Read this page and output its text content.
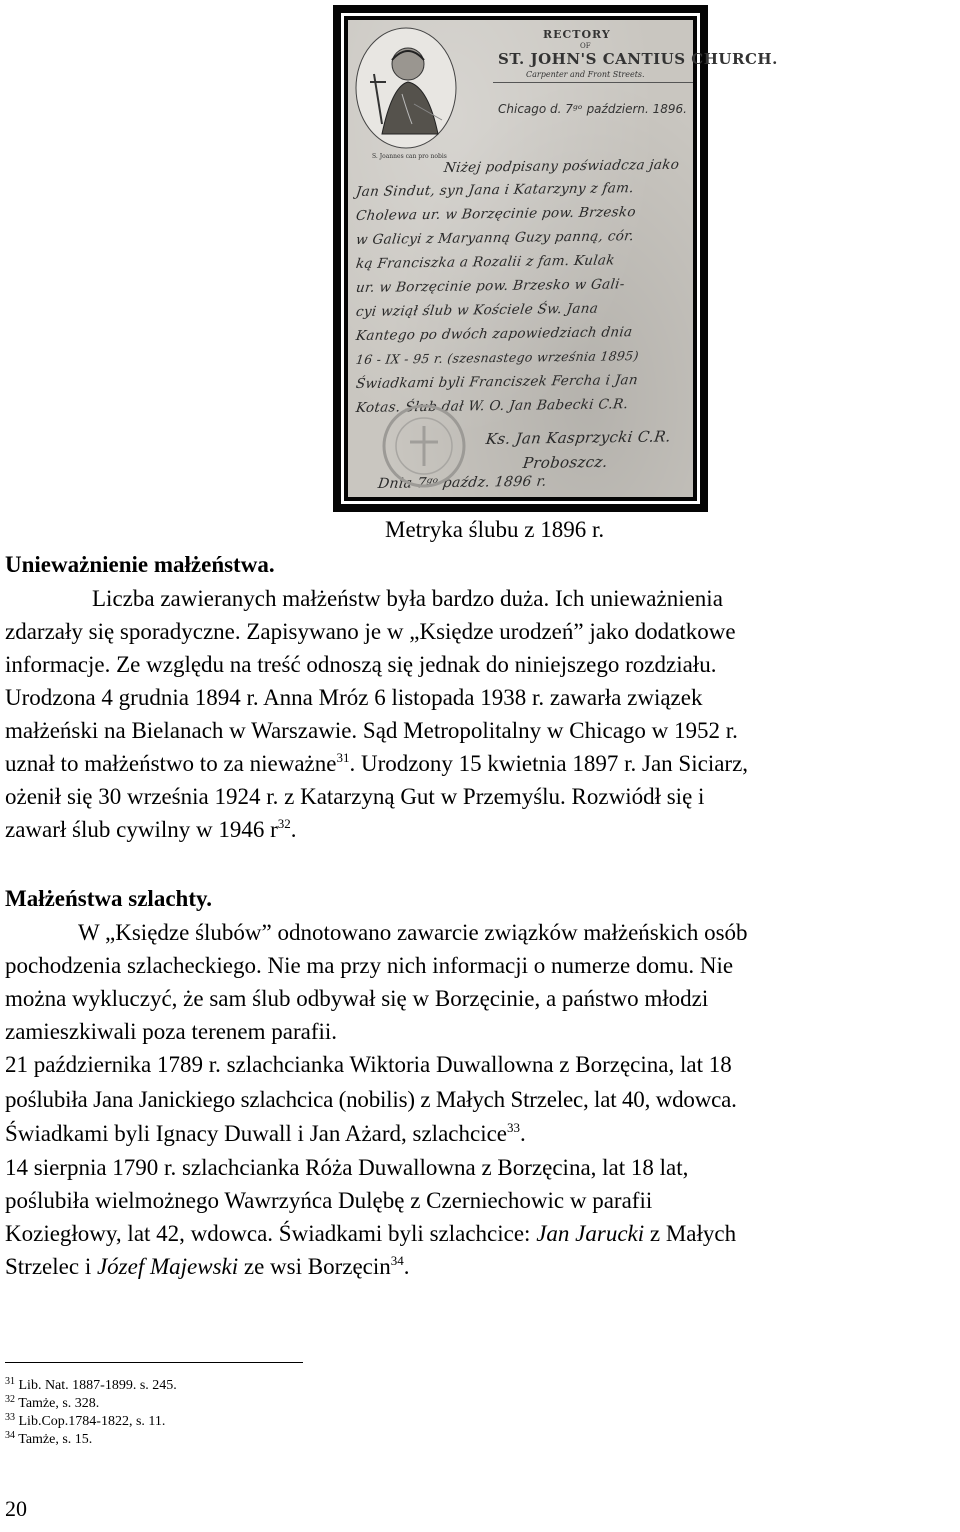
S. Joannes can pro nobis
RECTORY
OF
ST. JOHN'S CANTIUS CHURCH.
Carpenter and Front Streets.
Chicago d. 7ᵍᵒ październ. 1896.
Niżej podpisany poświadcza jako
Jan Sindut, syn Jana i Katarzyny z fam.
Cholewa ur. w Borzęcinie pow. Brzesko
w Galicyi z Maryanną Guzy panną, cór.
ką Franciszka a Rozalii z fam. Kulak
ur. w Borzęcinie pow. Brzesko w Gali-
cyi wziął ślub w Kościele Św. Jana
Kantego po dwóch zapowiedziach dnia
16 - IX - 95 r. (szesnastego września 1895)
Świadkami byli Franciszek Fercha i Jan
Kotas. Ślub dał W. O. Jan Babecki C.R.
Ks. Jan Kasprzycki C.R.
Proboszcz.
Dnia 7ᵍᵒ paźdz. 1896 r.
Metryka ślubu z 1896 r.
Unieważnienie małżeństwa.
Liczba zawieranych małżeństw była bardzo duża. Ich unieważnienia
zdarzały się sporadyczne. Zapisywano je w „Księdze urodzeń” jako dodatkowe
informacje. Ze względu na treść odnoszą się jednak do niniejszego rozdziału.
Urodzona 4 grudnia 1894 r. Anna Mróz 6 listopada 1938 r. zawarła związek
małżeński na Bielanach w Warszawie. Sąd Metropolitalny w Chicago w 1952 r.
uznał to małżeństwo to za nieważne$^{31}$. Urodzony 15 kwietnia 1897 r. Jan Siciarz,
ożenił się 30 września 1924 r. z Katarzyną Gut w Przemyślu. Rozwiódł się i
zawarł ślub cywilny w 1946 $r^{32}$.
Małżeństwa szlachty.
W „Księdze ślubów” odnotowano zawarcie związków małżeńskich osób
pochodzenia szlacheckiego. Nie ma przy nich informacji o numerze domu. Nie
można wykluczyć, że sam ślub odbywał się w Borzęcinie, a państwo młodzi
zamieszkiwali poza terenem parafii.
21 października 1789 r. szlachcianka Wiktoria Duwallowna z Borzęcina, lat 18
poślubiła Jana Janickiego szlachcica (nobilis) z Małych Strzelec, lat 40, wdowca.
Świadkami byli Ignacy Duwall i Jan Ażard, szlachcice$^{33}$.
14 sierpnia 1790 r. szlachcianka Róża Duwallowna z Borzęcina, lat 18 lat,
poślubiła wielmożnego Wawrzyńca Dulębę z Czerniechowic w parafii
Koziegłowy, lat 42, wdowca. Świadkami byli szlachcice: Jan Jarucki z Małych
Strzelec i Józef Majewski ze wsi Borzęcin$^{34}$.
$^{31}$ Lib. Nat. 1887-1899. s. 245.
$^{32}$ Tamże, s. 328.
$^{33}$ Lib.Cop.1784-1822, s. 11.
$^{34}$ Tamże, s. 15.
20
